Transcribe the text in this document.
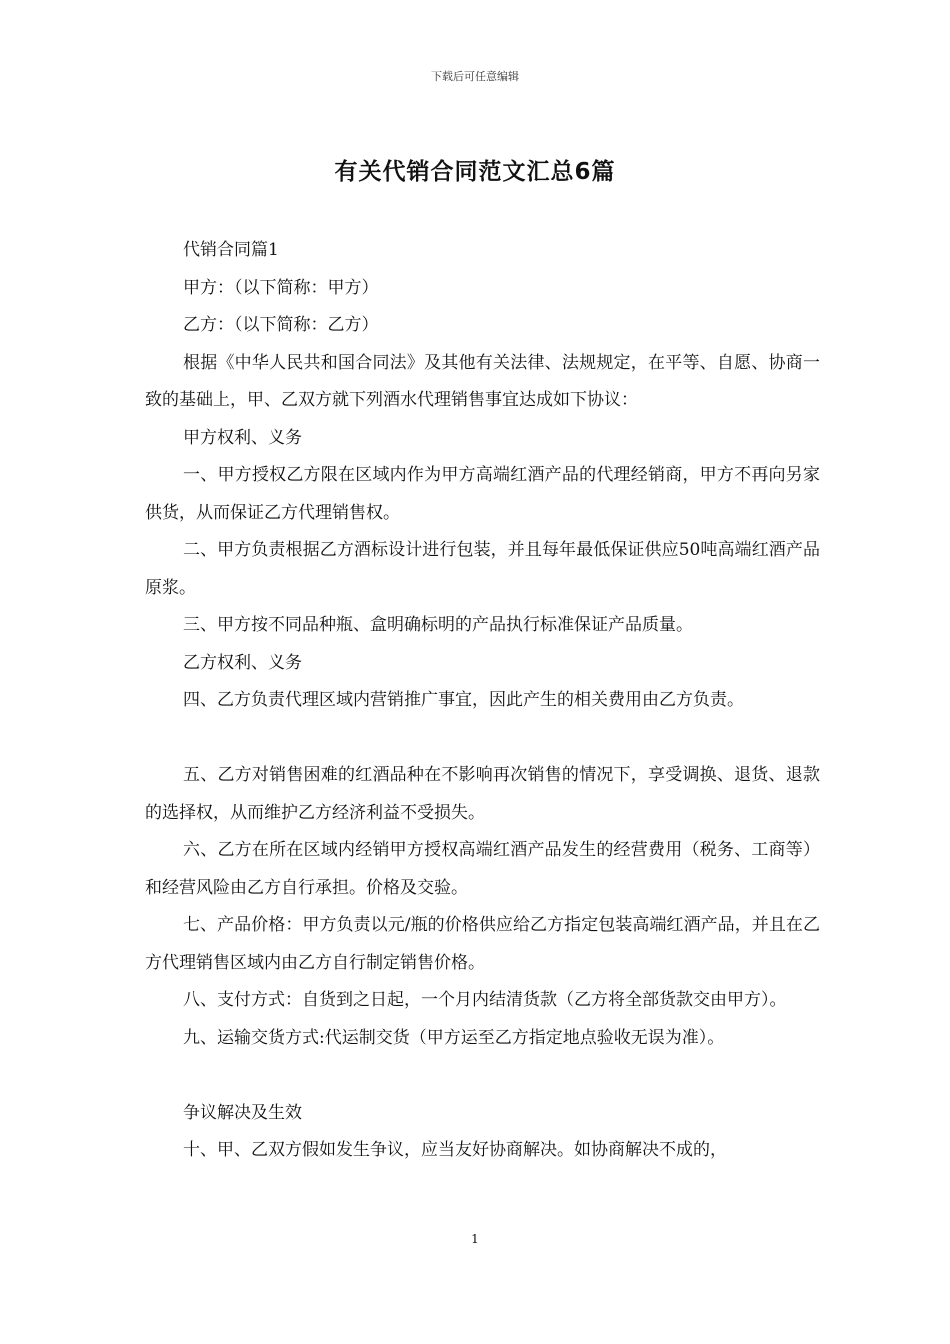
下载后可任意编辑
有关代销合同范文汇总6篇

代销合同篇1

甲方：（以下简称：甲方）

乙方：（以下简称：乙方）

根据《中华人民共和国合同法》及其他有关法律、法规规定，在平等、自愿、协商一致的基础上，甲、乙双方就下列酒水代理销售事宜达成如下协议：

甲方权利、义务

一、甲方授权乙方限在区域内作为甲方高端红酒产品的代理经销商，甲方不再向另家供货，从而保证乙方代理销售权。

二、甲方负责根据乙方酒标设计进行包装，并且每年最低保证供应50吨高端红酒产品原浆。

三、甲方按不同品种瓶、盒明确标明的产品执行标准保证产品质量。

乙方权利、义务

四、乙方负责代理区域内营销推广事宜，因此产生的相关费用由乙方负责。

五、乙方对销售困难的红酒品种在不影响再次销售的情况下，享受调换、退货、退款的选择权，从而维护乙方经济利益不受损失。

六、乙方在所在区域内经销甲方授权高端红酒产品发生的经营费用（税务、工商等）和经营风险由乙方自行承担。价格及交验。

七、产品价格：甲方负责以元/瓶的价格供应给乙方指定包装高端红酒产品，并且在乙方代理销售区域内由乙方自行制定销售价格。

八、支付方式：自货到之日起，一个月内结清货款（乙方将全部货款交由甲方）。

九、运输交货方式:代运制交货（甲方运至乙方指定地点验收无误为准）。

争议解决及生效

十、甲、乙双方假如发生争议，应当友好协商解决。如协商解决不成的，

1
